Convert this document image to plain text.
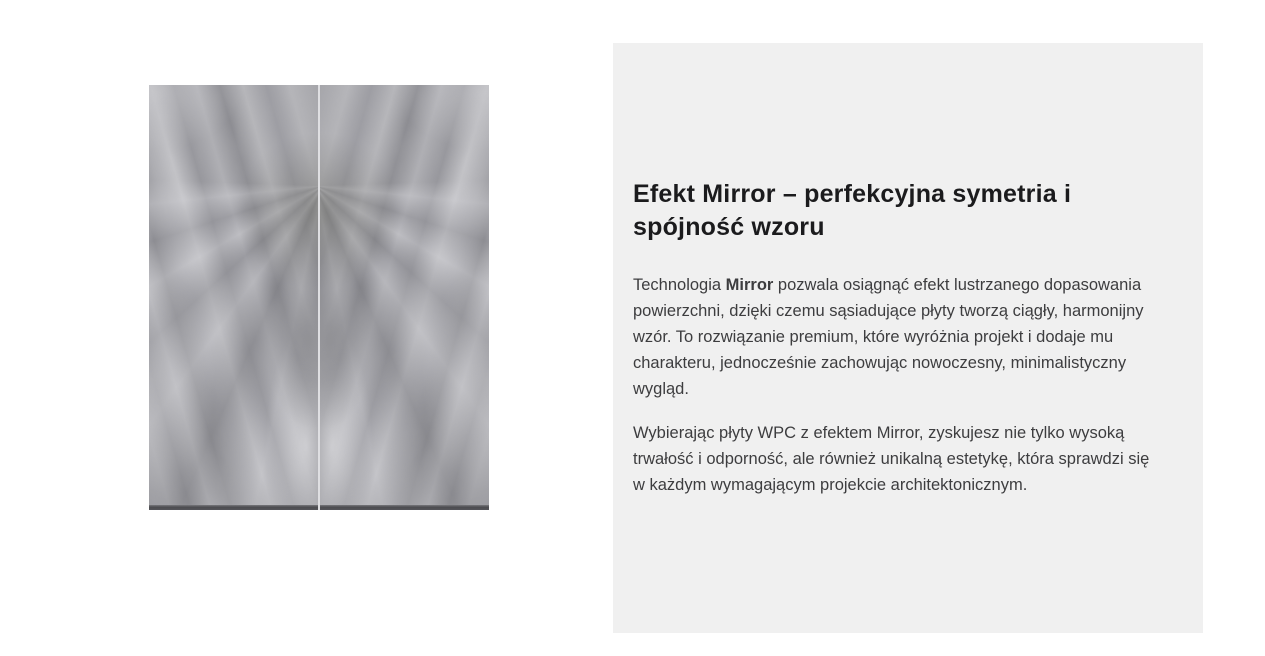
Efekt Mirror – perfekcyjna symetria i spójność wzoru

Technologia Mirror pozwala osiągnąć efekt lustrzanego dopasowania powierzchni, dzięki czemu sąsiadujące płyty tworzą ciągły, harmonijny wzór. To rozwiązanie premium, które wyróżnia projekt i dodaje mu charakteru, jednocześnie zachowując nowoczesny, minimalistyczny wygląd.

Wybierając płyty WPC z efektem Mirror, zyskujesz nie tylko wysoką trwałość i odporność, ale również unikalną estetykę, która sprawdzi się w każdym wymagającym projekcie architektonicznym.
